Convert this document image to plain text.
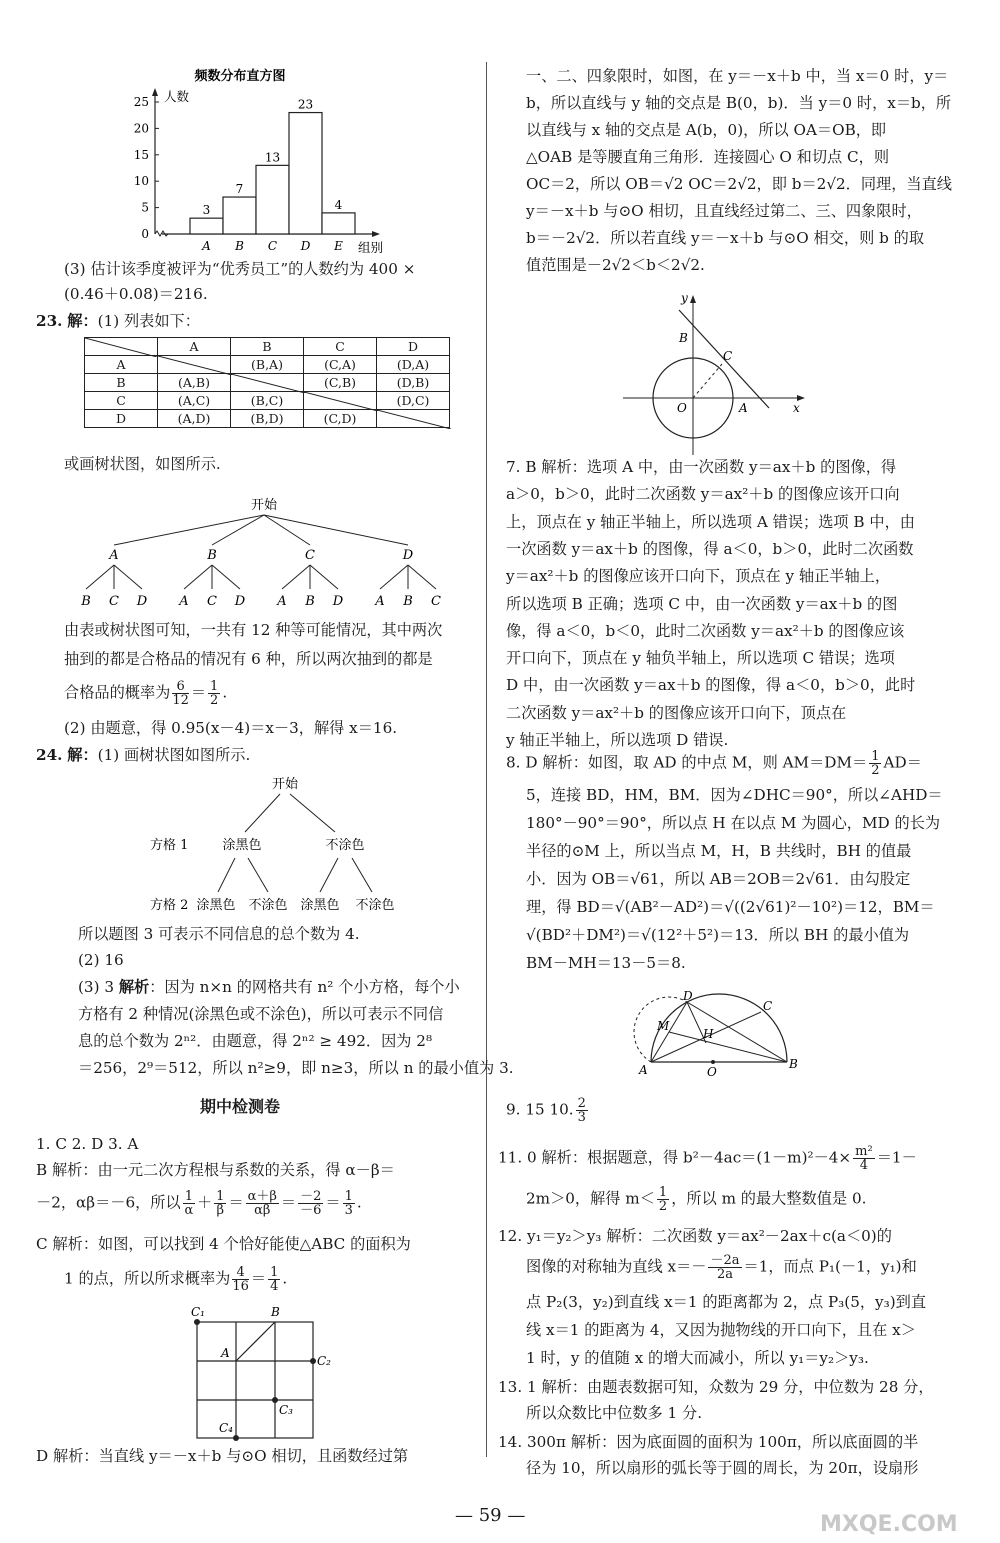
频数分布直方图
人数
组别
0
5
10
15
20
25
3
A
7
B
13
C
23
D
4
E
(3) 估计该季度被评为“优秀员工”的人数约为 400 ×
(0.46＋0.08)＝216.
23. 解：(1) 列表如下：
	A	B	C	D
A		(B,A)	(C,A)	(D,A)
B	(A,B)		(C,B)	(D,B)
C	(A,C)	(B,C)		(D,C)
D	(A,D)	(B,D)	(C,D)	
或画树状图，如图所示.
开始
A
B C D
B
A C D
C
A B D
D
A B C
由表或树状图可知，一共有 12 种等可能情况，其中两次
抽到的都是合格品的情况有 6 种，所以两次抽到的都是
合格品的概率为 $\frac{6}{12} = \frac{1}{2}$ .
(2) 由题意，得 0.95(x－4)＝x－3，解得 x＝16.
24. 解：(1) 画树状图如图所示.
开始
方格 1	涂黑色	不涂色
方格 2 涂黑色 不涂色 涂黑色 不涂色
所以题图 3 可表示不同信息的总个数为 4.
(2) 16
(3) 3 解析：因为 n×n 的网格共有 n² 个小方格，每个小
方格有 2 种情况(涂黑色或不涂色)，所以可表示不同信
息的总个数为 2ⁿ²．由题意，得 2ⁿ² ≥ 492．因为 2⁸
＝256，2⁹＝512，所以 n²≥9，即 n≥3，所以 n 的最小值为 3.
期中检测卷
1. C 2. D 3. A
B 解析：由一元二次方程根与系数的关系，得 α－β＝
－2，αβ＝－6，所以 $\frac{1}{\alpha} + \frac{1}{\beta} = \frac{\alpha+\beta}{\alpha\beta} = \frac{-2}{-6} = \frac{1}{3}$ .
C 解析：如图，可以找到 4 个恰好能使△ABC 的面积为
1 的点，所以所求概率为 $\frac{4}{16} = \frac{1}{4}$ .
C₁	B
A
C₂
C₃
C₄
D 解析：当直线 y＝－x＋b 与⊙O 相切，且函数经过第
一、二、四象限时，如图，在 y＝－x＋b 中，当 x＝0 时，y＝
b，所以直线与 y 轴的交点是 B(0，b)．当 y＝0 时，x＝b，所
以直线与 x 轴的交点是 A(b，0)，所以 OA＝OB，即
△OAB 是等腰直角三角形．连接圆心 O 和切点 C，则
OC＝2，所以 OB＝√2 OC＝2√2，即 b＝2√2．同理，当直线
y＝－x＋b 与⊙O 相切，且直线经过第二、三、四象限时，
b＝－2√2．所以若直线 y＝－x＋b 与⊙O 相交，则 b 的取
值范围是－2√2＜b＜2√2.
y
B
C
O	A	x
7. B 解析：选项 A 中，由一次函数 y＝ax＋b 的图像，得
a＞0，b＞0，此时二次函数 y＝ax²＋b 的图像应该开口向
上，顶点在 y 轴正半轴上，所以选项 A 错误；选项 B 中，由
一次函数 y＝ax＋b 的图像，得 a＜0，b＞0，此时二次函数
y＝ax²＋b 的图像应该开口向下，顶点在 y 轴正半轴上，
所以选项 B 正确；选项 C 中，由一次函数 y＝ax＋b 的图
像，得 a＜0，b＜0，此时二次函数 y＝ax²＋b 的图像应该
开口向下，顶点在 y 轴负半轴上，所以选项 C 错误；选项
D 中，由一次函数 y＝ax＋b 的图像，得 a＜0，b＞0，此时
二次函数 y＝ax²＋b 的图像应该开口向下，顶点在
y 轴正半轴上，所以选项 D 错误.
8. D 解析：如图，取 AD 的中点 M，则 $AM=DM= \frac{1}{2} AD=$
5，连接 BD，HM，BM．因为∠DHC＝90°，所以∠AHD＝
180°－90°＝90°，所以点 H 在以点 M 为圆心，MD 的长为
半径的⊙M 上，所以当点 M，H，B 共线时，BH 的值最
小．因为 OB＝√61，所以 AB＝2OB＝2√61．由勾股定
理，得 BD＝√(AB²－AD²)＝√((2√61)²－10²)＝12，BM＝
√(BD²＋DM²)＝√(12²＋5²)＝13．所以 BH 的最小值为
BM－MH＝13－5＝8.
D
C
M
H
A	O
B
9. 15 10. $\frac{2}{3}$
11. 0 解析：根据题意，得 $b^2-4ac=(1-m)^2-4\times \frac{\text{m²}}{4} =1-$
2m＞0，解得 $m< \frac{1}{2}$ ，所以 m 的最大整数值是 0.
12. y₁＝y₂＞y₃ 解析：二次函数 y＝ax²－2ax＋c(a＜0)的
图像的对称轴为直线 $x=- \frac{-2a}{2a} =1$，而点 P₁(－1，y₁)和
点 P₂(3，y₂)到直线 x＝1 的距离都为 2，点 P₃(5，y₃)到直
线 x＝1 的距离为 4，又因为抛物线的开口向下，且在 x＞
1 时，y 的值随 x 的增大而减小，所以 y₁＝y₂＞y₃.
13. 1 解析：由题表数据可知，众数为 29 分，中位数为 28 分，
所以众数比中位数多 1 分.
14. 300π 解析：因为底面圆的面积为 100π，所以底面圆的半
径为 10，所以扇形的弧长等于圆的周长，为 20π，设扇形
— 59 —	MXQE.COM
